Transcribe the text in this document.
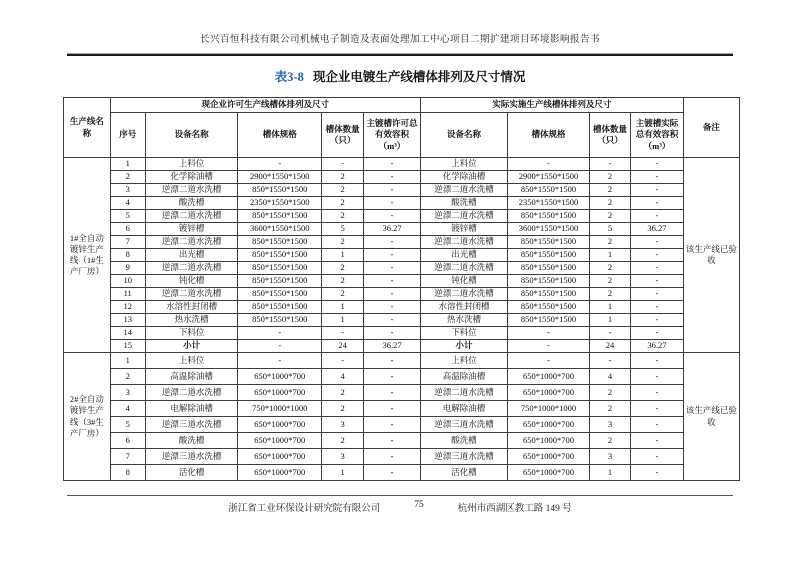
长兴百恒科技有限公司机械电子制造及表面处理加工中心项目二期扩建项目环境影响报告书
表3-8 现企业电镀生产线槽体排列及尺寸情况
生产线名称	现企业许可生产线槽体排列及尺寸					实际实施生产线槽体排列及尺寸				备注
	序号	设备名称	槽体规格	槽体数量（只）	主镀槽许可总有效容积（m³）	设备名称	槽体规格	槽体数量（只）	主镀槽实际总有效容积（m³）	
1#全自动镀锌生产线（1#生产厂房）	1	上料位	-	-	-	上料位	-	-	-	该生产线已验收
	2	化学除油槽	2900*1550*1500	2	-	化学除油槽	2900*1550*1500	2	-	
	3	逆漂二道水洗槽	850*1550*1500	2	-	逆漂二道水洗槽	850*1550*1500	2	-	
	4	酸洗槽	2350*1550*1500	2	-	酸洗槽	2350*1550*1500	2	-	
	5	逆漂二道水洗槽	850*1550*1500	2	-	逆漂二道水洗槽	850*1550*1500	2	-	
	6	镀锌槽	3600*1550*1500	5	36.27	镀锌槽	3600*1550*1500	5	36.27	
	7	逆漂二道水洗槽	850*1550*1500	2	-	逆漂二道水洗槽	850*1550*1500	2	-	
	8	出光槽	850*1550*1500	1	-	出光槽	850*1550*1500	1	-	
	9	逆漂二道水洗槽	850*1550*1500	2	-	逆漂二道水洗槽	850*1550*1500	2	-	
	10	钝化槽	850*1550*1500	2	-	钝化槽	850*1550*1500	2	-	
	11	逆漂二道水洗槽	850*1550*1500	2	-	逆漂二道水洗槽	850*1550*1500	2	-	
	12	水溶性封闭槽	850*1550*1500	1	-	水溶性封闭槽	850*1550*1500	1	-	
	13	热水洗槽	850*1550*1500	1	-	热水洗槽	850*1550*1500	1	-	
	14	下料位	-	-	-	下料位	-	-	-	
	15	小计	-	24	36.27	小计	-	24	36.27	
2#全自动镀锌生产线（3#生产厂房）	1	上料位	-	-	-	上料位	-	-	-	该生产线已验收
	2	高温除油槽	650*1000*700	4	-	高温除油槽	650*1000*700	4	-	
	3	逆漂二道水洗槽	650*1000*700	2	-	逆漂二道水洗槽	650*1000*700	2	-	
	4	电解除油槽	750*1000*1000	2	-	电解除油槽	750*1000*1000	2	-	
	5	逆漂三道水洗槽	650*1000*700	3	-	逆漂三道水洗槽	650*1000*700	3	-	
	6	酸洗槽	650*1000*700	2	-	酸洗槽	650*1000*700	2	-	
	7	逆漂三道水洗槽	650*1000*700	3	-	逆漂三道水洗槽	650*1000*700	3	-	
	8	活化槽	650*1000*700	1	-	活化槽	650*1000*700	1	-	
浙江省工业环保设计研究院有限公司	75	杭州市西湖区教工路 149 号
